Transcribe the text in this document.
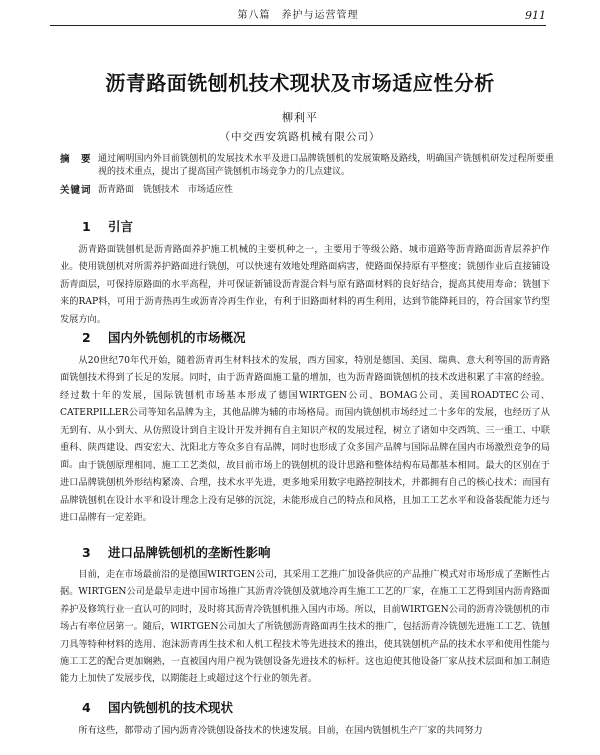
第八篇　养护与运营管理	911
沥青路面铣刨机技术现状及市场适应性分析
柳利平
（中交西安筑路机械有限公司）
摘　要 通过阐明国内外目前铣刨机的发展技术水平及进口品牌铣刨机的发展策略及路线，明确国产铣刨机研发过程所要重视的技术重点，提出了提高国产铣刨机市场竞争力的几点建议。
关键词 沥青路面　铣刨技术　市场适应性
1 引言
沥青路面铣刨机是沥青路面养护施工机械的主要机种之一，主要用于等级公路、城市道路等沥青路面沥青层养护作业。使用铣刨机对所需养护路面进行铣刨，可以快速有效地处理路面病害，使路面保持原有平整度；铣刨作业后直接铺设沥青面层，可保持原路面的水平高程，并可保证新铺设沥青混合料与原有路面材料的良好结合，提高其使用寿命；铣刨下来的RAP料，可用于沥青热再生或沥青冷再生作业，有利于旧路面材料的再生利用，达到节能降耗目的，符合国家节约型发展方向。
2 国内外铣刨机的市场概况
从20世纪70年代开始，随着沥青再生材料技术的发展，西方国家，特别是德国、美国、瑞典、意大利等国的沥青路面铣刨技术得到了长足的发展。同时，由于沥青路面施工量的增加，也为沥青路面铣刨机的技术改进积累了丰富的经验。经过数十年的发展，国际铣刨机市场基本形成了德国WIRTGEN公司、BOMAG公司、美国ROADTEC公司、CATERPILLER公司等知名品牌为主，其他品牌为辅的市场格局。而国内铣刨机市场经过二十多年的发展，也经历了从无到有、从小到大、从仿照设计到自主设计开发并拥有自主知识产权的发展过程，树立了诸如中交西筑、三一重工、中联重科、陕西建设、西安宏大、沈阳北方等众多自有品牌，同时也形成了众多国产品牌与国际品牌在国内市场激烈竞争的局面。 由于铣刨原理相同、施工工艺类似，故目前市场上的铣刨机的设计思路和整体结构布局都基本相同。最大的区别在于进口品牌铣刨机外形结构紧凑、合理，技术水平先进，更多地采用数字电路控制技术，并都拥有自己的核心技术；而国有品牌铣刨机在设计水平和设计理念上没有足够的沉淀，未能形成自己的特点和风格，且加工工艺水平和设备装配能力还与进口品牌有一定差距。
3 进口品牌铣刨机的垄断性影响
目前，走在市场最前沿的是德国WIRTGEN公司，其采用工艺推广加设备供应的产品推广模式对市场形成了垄断性占据。WIRTGEN公司是最早走进中国市场推广其沥青冷铣刨及就地冷再生施工工艺的厂家，在施工工艺得到国内沥青路面养护及修筑行业一直认可的同时，及时将其沥青冷铣刨机推入国内市场。所以，目前WIRTGEN公司的沥青冷铣刨机的市场占有率位居第一。随后，WIRTGEN公司加大了所铣刨沥青路面再生技术的推广，包括沥青冷铣刨先进施工工艺、铣刨刀具等特种材料的选用、泡沫沥青再生技术和人机工程技术等先进技术的推出，使其铣刨机产品的技术水平和使用性能与施工工艺的配合更加娴熟，一直被国内用户视为铣刨设备先进技术的标杆。这也迫使其他设备厂家从技术层面和加工制造能力上加快了发展步伐，以期能赶上或超过这个行业的领先者。
4 国内铣刨机的技术现状
所有这些，都带动了国内沥青冷铣刨设备技术的快速发展。目前，在国内铣刨机生产厂家的共同努力
